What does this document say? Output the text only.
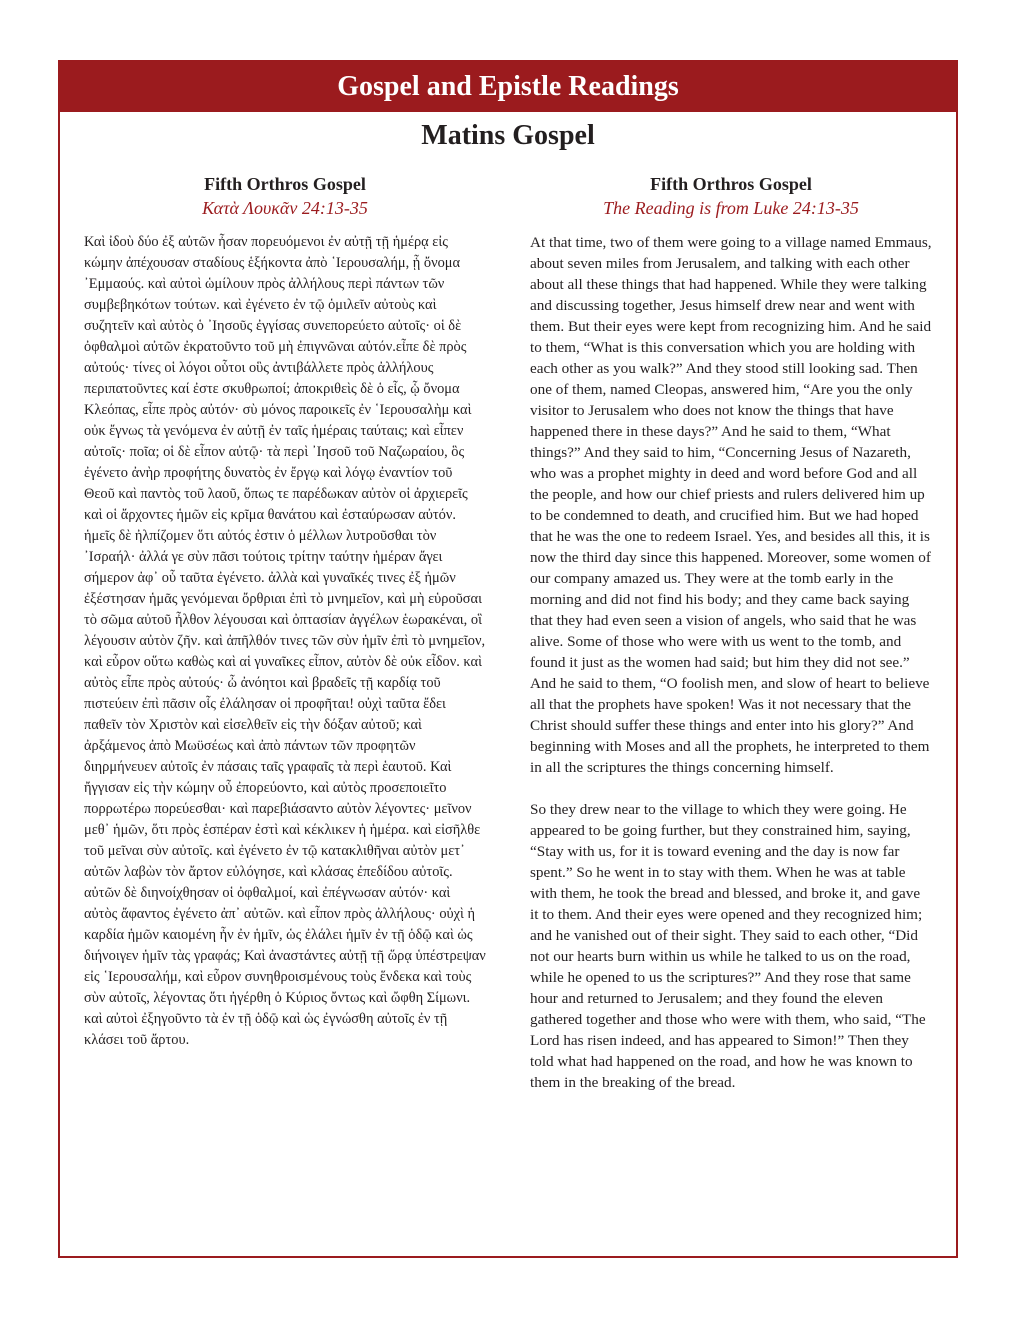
Gospel and Epistle Readings
Matins Gospel
Fifth Orthros Gospel
Κατὰ Λουκᾶν 24:13-35

Καὶ ἰδοὺ δύο ἐξ αὐτῶν ἦσαν πορευόμενοι ἐν αὐτῇ τῇ ἡμέρᾳ εἰς κώμην ἀπέχουσαν σταδίους ἑξήκοντα ἀπὸ ῾Ιερουσαλήμ, ᾗ ὄνομα ᾿Εμμαούς. καὶ αὐτοὶ ὡμίλουν πρὸς ἀλλήλους περὶ πάντων τῶν συμβεβηκότων τούτων. καὶ ἐγένετο ἐν τῷ ὁμιλεῖν αὐτοὺς καὶ συζητεῖν καὶ αὐτὸς ὁ ᾿Ιησοῦς ἐγγίσας συνεπορεύετο αὐτοῖς· οἱ δὲ ὀφθαλμοὶ αὐτῶν ἐκρατοῦντο τοῦ μὴ ἐπιγνῶναι αὐτόν.εἶπε δὲ πρὸς αὐτούς· τίνες οἱ λόγοι οὗτοι οὓς ἀντιβάλλετε πρὸς ἀλλήλους περιπατοῦντες καί ἐστε σκυθρωποί; ἀποκριθεὶς δὲ ὁ εἷς, ᾧ ὄνομα Κλεόπας, εἶπε πρὸς αὐτόν· σὺ μόνος παροικεῖς ἐν ῾Ιερουσαλὴμ καὶ οὐκ ἔγνως τὰ γενόμενα ἐν αὐτῇ ἐν ταῖς ἡμέραις ταύταις; καὶ εἶπεν αὐτοῖς· ποῖα; οἱ δὲ εἶπον αὐτῷ· τὰ περὶ ᾿Ιησοῦ τοῦ Ναζωραίου, ὃς ἐγένετο ἀνὴρ προφήτης δυνατὸς ἐν ἔργῳ καὶ λόγῳ ἐναντίον τοῦ Θεοῦ καὶ παντὸς τοῦ λαοῦ, ὅπως τε παρέδωκαν αὐτὸν οἱ ἀρχιερεῖς καὶ οἱ ἄρχοντες ἡμῶν εἰς κρῖμα θανάτου καὶ ἐσταύρωσαν αὐτόν. ἡμεῖς δὲ ἠλπίζομεν ὅτι αὐτός ἐστιν ὁ μέλλων λυτροῦσθαι τὸν ᾿Ισραήλ· ἀλλά γε σὺν πᾶσι τούτοις τρίτην ταύτην ἡμέραν ἄγει σήμερον ἀφ᾿ οὗ ταῦτα ἐγένετο. ἀλλὰ καὶ γυναῖκές τινες ἐξ ἡμῶν ἐξέστησαν ἡμᾶς γενόμεναι ὄρθριαι ἐπὶ τὸ μνημεῖον, καὶ μὴ εὑροῦσαι τὸ σῶμα αὐτοῦ ἦλθον λέγουσαι καὶ ὀπτασίαν ἀγγέλων ἑωρακέναι, οἳ λέγουσιν αὐτὸν ζῆν. καὶ ἀπῆλθόν τινες τῶν σὺν ἡμῖν ἐπὶ τὸ μνημεῖον, καὶ εὗρον οὕτω καθὼς καὶ αἱ γυναῖκες εἶπον, αὐτὸν δὲ οὐκ εἶδον. καὶ αὐτὸς εἶπε πρὸς αὐτούς· ὦ ἀνόητοι καὶ βραδεῖς τῇ καρδίᾳ τοῦ πιστεύειν ἐπὶ πᾶσιν οἷς ἐλάλησαν οἱ προφῆται! οὐχὶ ταῦτα ἔδει παθεῖν τὸν Χριστὸν καὶ εἰσελθεῖν εἰς τὴν δόξαν αὐτοῦ; καὶ ἀρξάμενος ἀπὸ Μωϋσέως καὶ ἀπὸ πάντων τῶν προφητῶν διηρμήνευεν αὐτοῖς ἐν πάσαις ταῖς γραφαῖς τὰ περὶ ἑαυτοῦ. Καὶ ἤγγισαν εἰς τὴν κώμην οὗ ἐπορεύοντο, καὶ αὐτὸς προσεποιεῖτο πορρωτέρω πορεύεσθαι· καὶ παρεβιάσαντο αὐτὸν λέγοντες· μεῖνον μεθ᾿ ἡμῶν, ὅτι πρὸς ἑσπέραν ἐστὶ καὶ κέκλικεν ἡ ἡμέρα. καὶ εἰσῆλθε τοῦ μεῖναι σὺν αὐτοῖς. καὶ ἐγένετο ἐν τῷ κατακλιθῆναι αὐτὸν μετ᾿ αὐτῶν λαβὼν τὸν ἄρτον εὐλόγησε, καὶ κλάσας ἐπεδίδου αὐτοῖς. αὐτῶν δὲ διηνοίχθησαν οἱ ὀφθαλμοί, καὶ ἐπέγνωσαν αὐτόν· καὶ αὐτὸς ἄφαντος ἐγένετο ἀπ᾿ αὐτῶν. καὶ εἶπον πρὸς ἀλλήλους· οὐχὶ ἡ καρδία ἡμῶν καιομένη ἦν ἐν ἡμῖν, ὡς ἐλάλει ἡμῖν ἐν τῇ ὁδῷ καὶ ὡς διήνοιγεν ἡμῖν τὰς γραφάς; Καὶ ἀναστάντες αὐτῇ τῇ ὥρᾳ ὑπέστρεψαν εἰς ῾Ιερουσαλήμ, καὶ εὗρον συνηθροισμένους τοὺς ἕνδεκα καὶ τοὺς σὺν αὐτοῖς, λέγοντας ὅτι ἠγέρθη ὁ Κύριος ὄντως καὶ ὤφθη Σίμωνι. καὶ αὐτοὶ ἐξηγοῦντο τὰ ἐν τῇ ὁδῷ καὶ ὡς ἐγνώσθη αὐτοῖς ἐν τῇ κλάσει τοῦ ἄρτου.

Fifth Orthros Gospel
The Reading is from Luke 24:13-35

At that time, two of them were going to a village named Emmaus, about seven miles from Jerusalem, and talking with each other about all these things that had happened. While they were talking and discussing together, Jesus himself drew near and went with them. But their eyes were kept from recognizing him. And he said to them, “What is this conversation which you are holding with each other as you walk?” And they stood still looking sad. Then one of them, named Cleopas, answered him, “Are you the only visitor to Jerusalem who does not know the things that have happened there in these days?” And he said to them, “What things?” And they said to him, “Concerning Jesus of Nazareth, who was a prophet mighty in deed and word before God and all the people, and how our chief priests and rulers delivered him up to be condemned to death, and crucified him. But we had hoped that he was the one to redeem Israel. Yes, and besides all this, it is now the third day since this happened. Moreover, some women of our company amazed us. They were at the tomb early in the morning and did not find his body; and they came back saying that they had even seen a vision of angels, who said that he was alive. Some of those who were with us went to the tomb, and found it just as the women had said; but him they did not see.” And he said to them, “O foolish men, and slow of heart to believe all that the prophets have spoken! Was it not necessary that the Christ should suffer these things and enter into his glory?” And beginning with Moses and all the prophets, he interpreted to them in all the scriptures the things concerning himself.

So they drew near to the village to which they were going. He appeared to be going further, but they constrained him, saying, “Stay with us, for it is toward evening and the day is now far spent.” So he went in to stay with them. When he was at table with them, he took the bread and blessed, and broke it, and gave it to them. And their eyes were opened and they recognized him; and he vanished out of their sight. They said to each other, “Did not our hearts burn within us while he talked to us on the road, while he opened to us the scriptures?” And they rose that same hour and returned to Jerusalem; and they found the eleven gathered together and those who were with them, who said, “The Lord has risen indeed, and has appeared to Simon!” Then they told what had happened on the road, and how he was known to them in the breaking of the bread.
